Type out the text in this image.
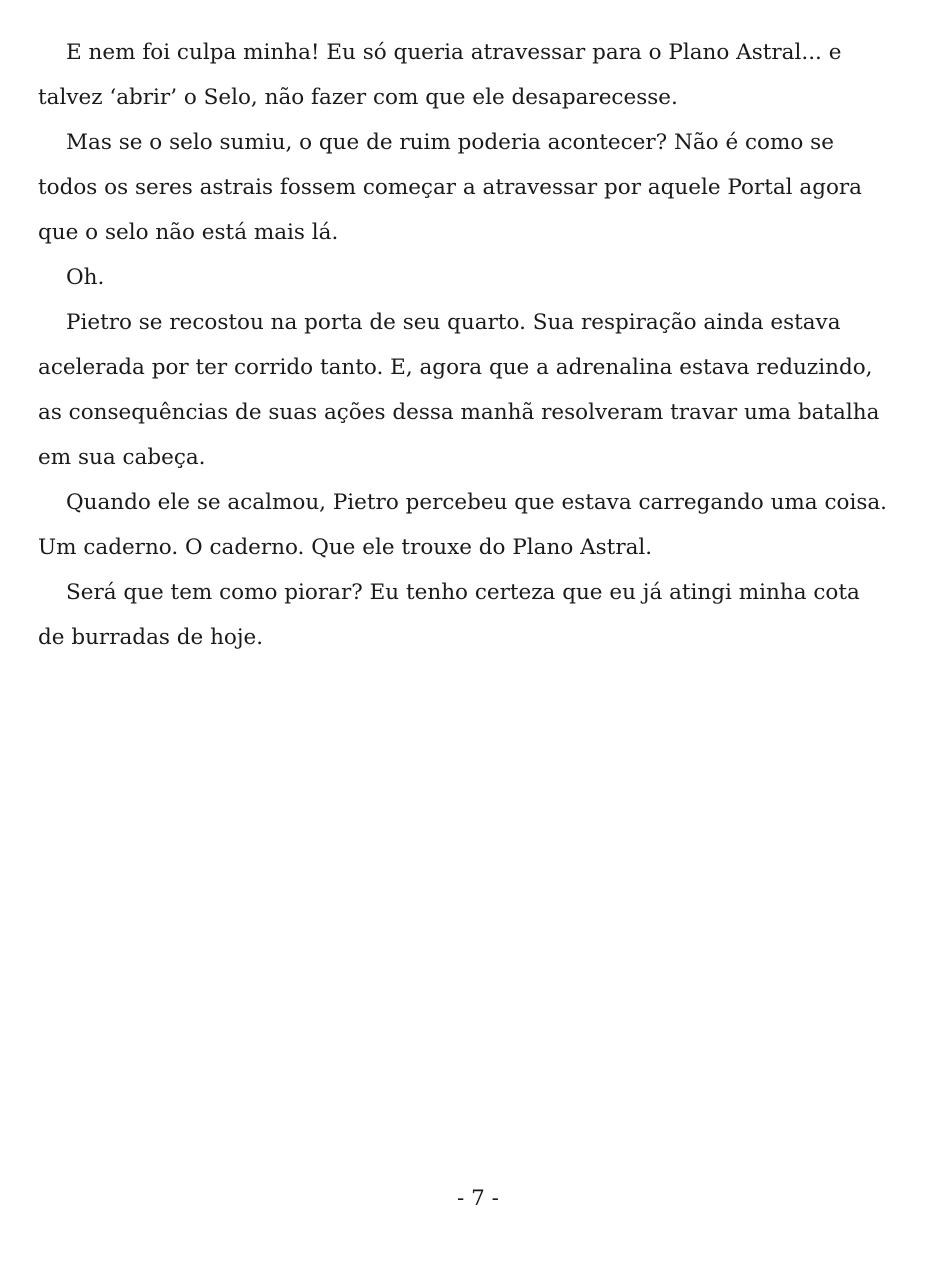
E nem foi culpa minha! Eu só queria atravessar para o Plano Astral... e talvez ‘abrir’ o Selo, não fazer com que ele desaparecesse.

Mas se o selo sumiu, o que de ruim poderia acontecer? Não é como se todos os seres astrais fossem começar a atravessar por aquele Portal agora que o selo não está mais lá.

Oh.

Pietro se recostou na porta de seu quarto. Sua respiração ainda estava acelerada por ter corrido tanto. E, agora que a adrenalina estava reduzindo, as consequências de suas ações dessa manhã resolveram travar uma batalha em sua cabeça.

Quando ele se acalmou, Pietro percebeu que estava carregando uma coisa. Um caderno. O caderno. Que ele trouxe do Plano Astral.

Será que tem como piorar? Eu tenho certeza que eu já atingi minha cota de burradas de hoje.

- 7 -
